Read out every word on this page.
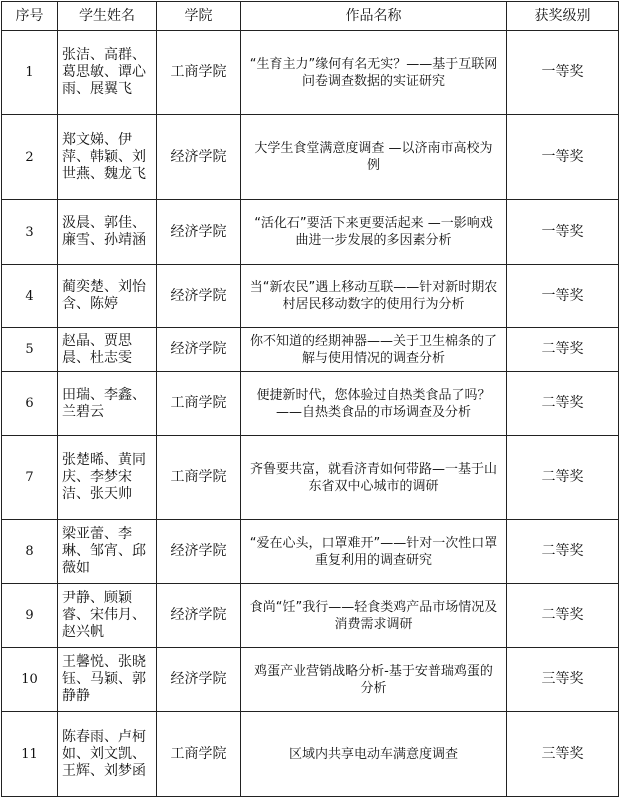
序号	学生姓名	学院	作品名称	获奖级别
1	张洁、高群、葛思敏、谭心雨、展翼飞	工商学院	“生育主力”缘何有名无实？——基于互联网问卷调查数据的实证研究	一等奖
2	郑文娣、伊萍、韩颖、刘世燕、魏龙飞	经济学院	大学生食堂满意度调查 —以济南市高校为例	一等奖
3	汲晨、郭佳、廉雪、孙靖涵	经济学院	“活化石”要活下来更要活起来 —一影响戏曲进一步发展的多因素分析	一等奖
4	蔺奕楚、刘怡含、陈婷	经济学院	当“新农民”遇上移动互联——针对新时期农村居民移动数字的使用行为分析	一等奖
5	赵晶、贾思晨、杜志雯	经济学院	你不知道的经期神器——关于卫生棉条的了解与使用情况的调查分析	二等奖
6	田瑞、李鑫、兰碧云	工商学院	便捷新时代，您体验过自热类食品了吗？——自热类食品的市场调查及分析	二等奖
7	张楚晞、黄同庆、李梦宋洁、张天帅	工商学院	齐鲁要共富，就看济青如何带路—一基于山东省双中心城市的调研	二等奖
8	梁亚蕾、李琳、邹宵、邱薇如	经济学院	“爱在心头，口罩难开”——针对一次性口罩重复利用的调查研究	二等奖
9	尹静、顾颖睿、宋伟月、赵兴帆	经济学院	食尚“饪”我行——轻食类鸡产品市场情况及消费需求调研	二等奖
10	王馨悦、张晓钰、马颖、郭静静	经济学院	鸡蛋产业营销战略分析-基于安普瑞鸡蛋的分析	三等奖
11	陈春雨、卢柯如、刘文凯、王辉、刘梦函	工商学院	区域内共享电动车满意度调查	三等奖
